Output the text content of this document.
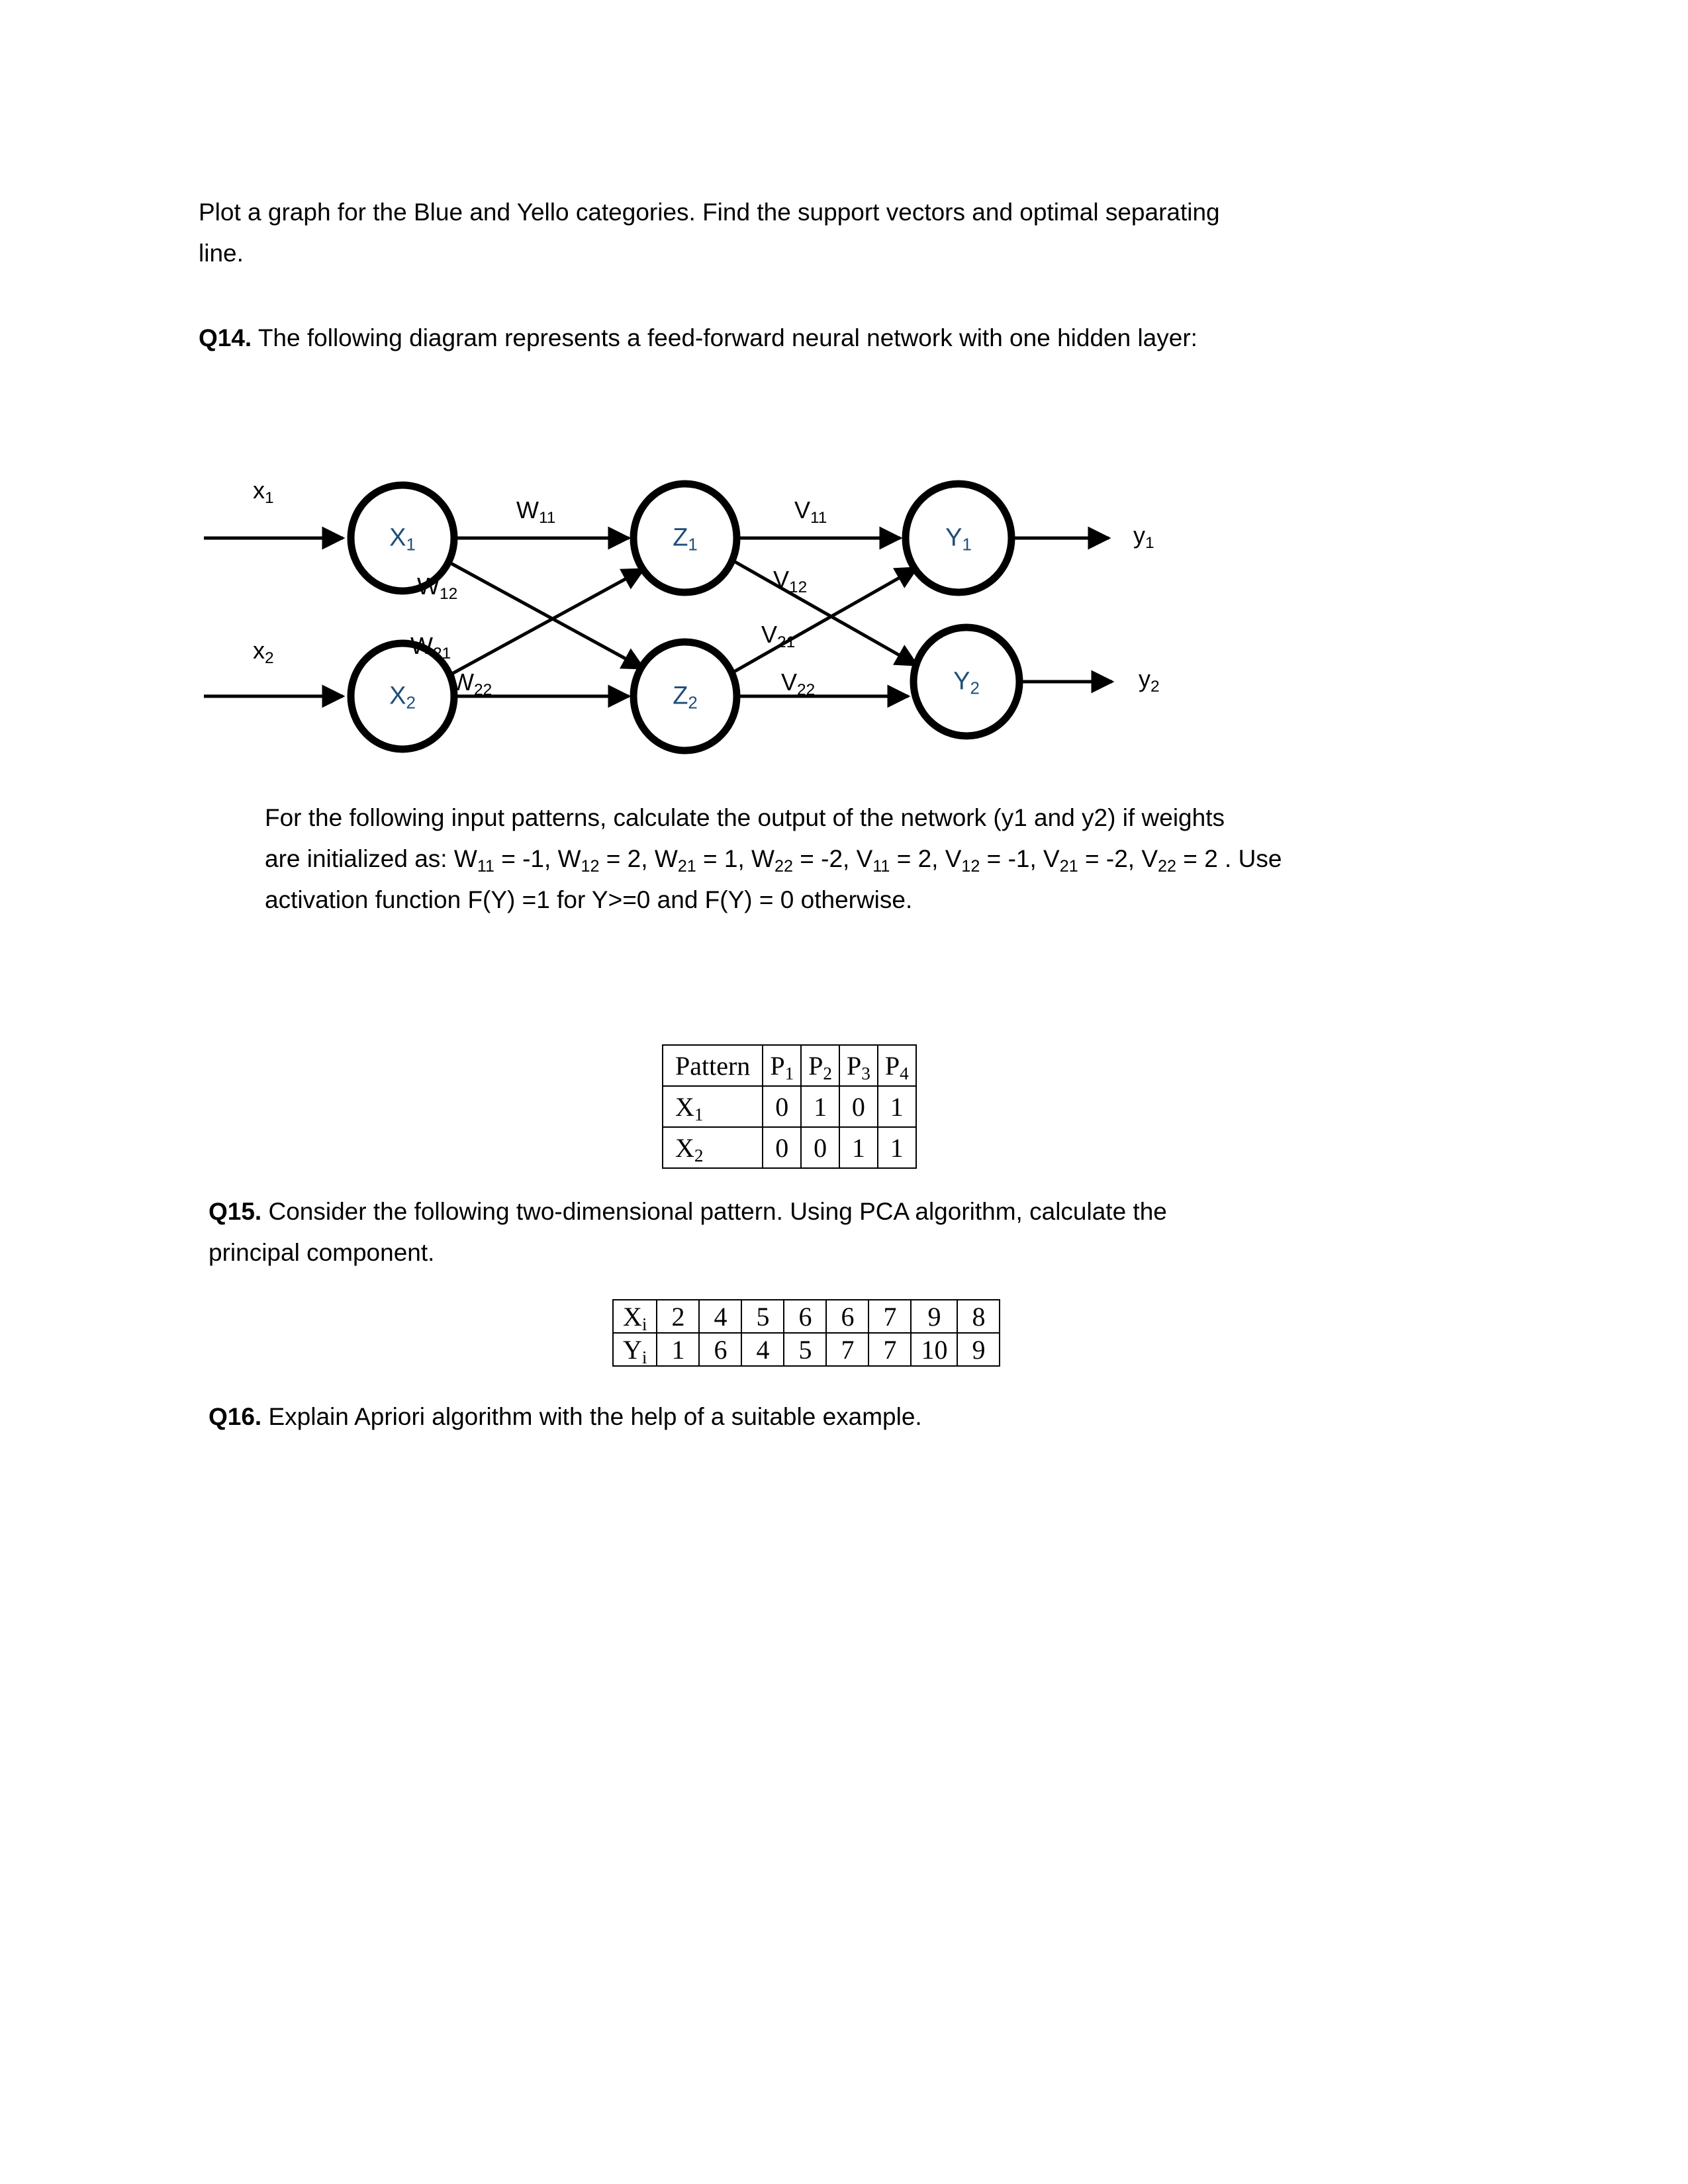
Plot a graph for the Blue and Yello categories. Find the support vectors and optimal separating
line.
Q14. The following diagram represents a feed-forward neural network with one hidden layer:
$X_1$
$X_2$
$Z_1$
$Z_2$
$Y_1$
$Y_2$
$x_1$
$x_2$
$W_{11}$
$W_{12}$
$W_{21}$
$W_{22}$
$V_{11}$
$V_{12}$
$V_{21}$
$V_{22}$
$y_1$
$y_2$
For the following input patterns, calculate the output of the network (y1 and y2) if weights
are initialized as: $W_{11} = -1$, $W_{12} = 2$, $W_{21} = 1$, $W_{22} = -2$, $V_{11} = 2$, $V_{12} = -1$, $V_{21} = -2$, $V_{22} = 2$ . Use
activation function F(Y) =1 for Y>=0 and F(Y) = 0 otherwise.
Pattern	$P_1$	$P_2$	$P_3$	$P_4$
$X_1$	0	1	0	1
$X_2$	0	0	1	1
Q15. Consider the following two-dimensional pattern. Using PCA algorithm, calculate the
principal component.
$X_i$	2	4	5	6	6	7	9	8
$Y_i$	1	6	4	5	7	7	10	9
Q16. Explain Apriori algorithm with the help of a suitable example.
